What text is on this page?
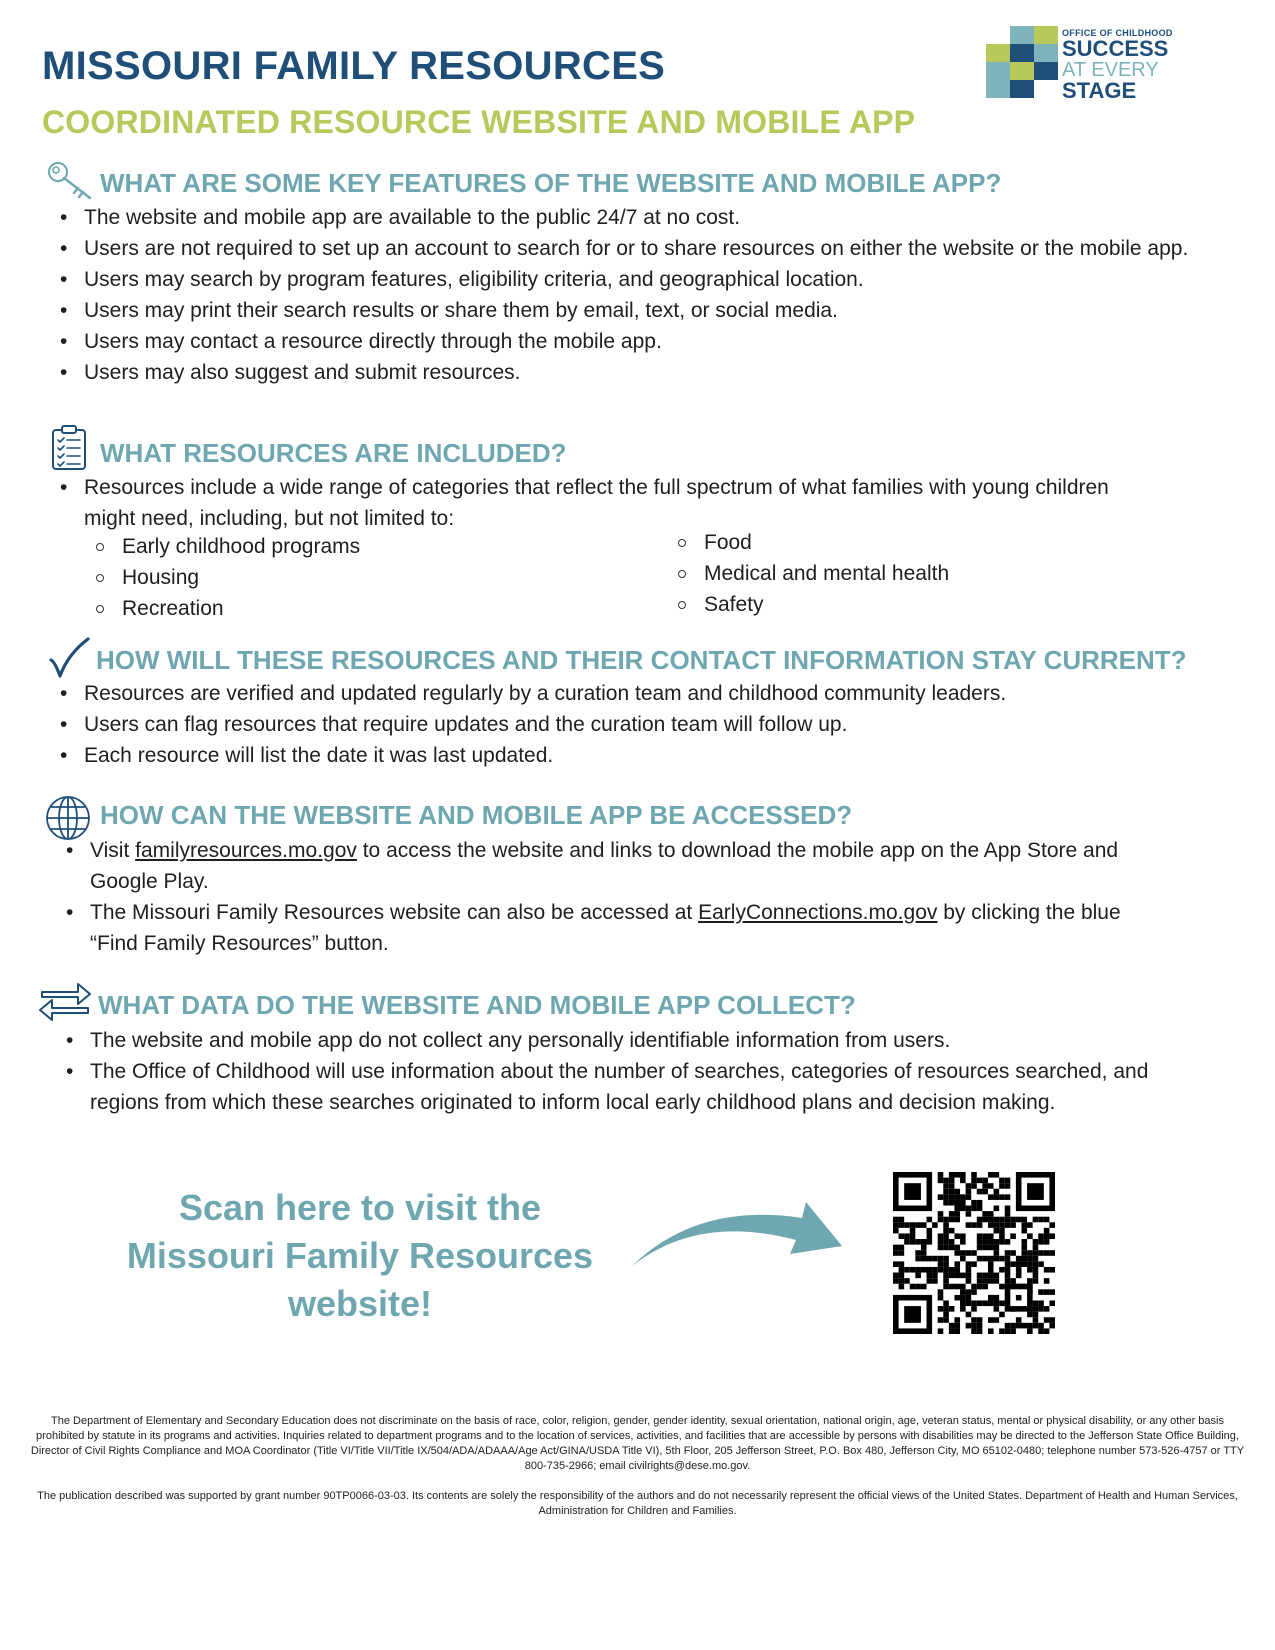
MISSOURI FAMILY RESOURCES
COORDINATED RESOURCE WEBSITE AND MOBILE APP
OFFICE OF CHILDHOOD
SUCCESS
AT EVERY
STAGE
WHAT ARE SOME KEY FEATURES OF THE WEBSITE AND MOBILE APP?
• The website and mobile app are available to the public 24/7 at no cost.
• Users are not required to set up an account to search for or to share resources on either the website or the mobile app.
• Users may search by program features, eligibility criteria, and geographical location.
• Users may print their search results or share them by email, text, or social media.
• Users may contact a resource directly through the mobile app.
• Users may also suggest and submit resources.
WHAT RESOURCES ARE INCLUDED?
• Resources include a wide range of categories that reflect the full spectrum of what families with young children might need, including, but not limited to:
Early childhood programs
Housing
Recreation
Food
Medical and mental health
Safety
HOW WILL THESE RESOURCES AND THEIR CONTACT INFORMATION STAY CURRENT?
• Resources are verified and updated regularly by a curation team and childhood community leaders.
• Users can flag resources that require updates and the curation team will follow up.
• Each resource will list the date it was last updated.
HOW CAN THE WEBSITE AND MOBILE APP BE ACCESSED?
• Visit familyresources.mo.gov to access the website and links to download the mobile app on the App Store and Google Play.
• The Missouri Family Resources website can also be accessed at EarlyConnections.mo.gov by clicking the blue “Find Family Resources” button.
WHAT DATA DO THE WEBSITE AND MOBILE APP COLLECT?
• The website and mobile app do not collect any personally identifiable information from users.
• The Office of Childhood will use information about the number of searches, categories of resources searched, and regions from which these searches originated to inform local early childhood plans and decision making.
Scan here to visit the
Missouri Family Resources
website!
The Department of Elementary and Secondary Education does not discriminate on the basis of race, color, religion, gender, gender identity, sexual orientation, national origin, age, veteran status, mental or physical disability, or any other basis prohibited by statute in its programs and activities. Inquiries related to department programs and to the location of services, activities, and facilities that are accessible by persons with disabilities may be directed to the Jefferson State Office Building, Director of Civil Rights Compliance and MOA Coordinator (Title VI/Title VII/Title IX/504/ADA/ADAAA/Age Act/GINA/USDA Title VI), 5th Floor, 205 Jefferson Street, P.O. Box 480, Jefferson City, MO 65102-0480; telephone number 573-526-4757 or TTY 800-735-2966; email civilrights@dese.mo.gov.
The publication described was supported by grant number 90TP0066-03-03. Its contents are solely the responsibility of the authors and do not necessarily represent the official views of the United States. Department of Health and Human Services, Administration for Children and Families.
